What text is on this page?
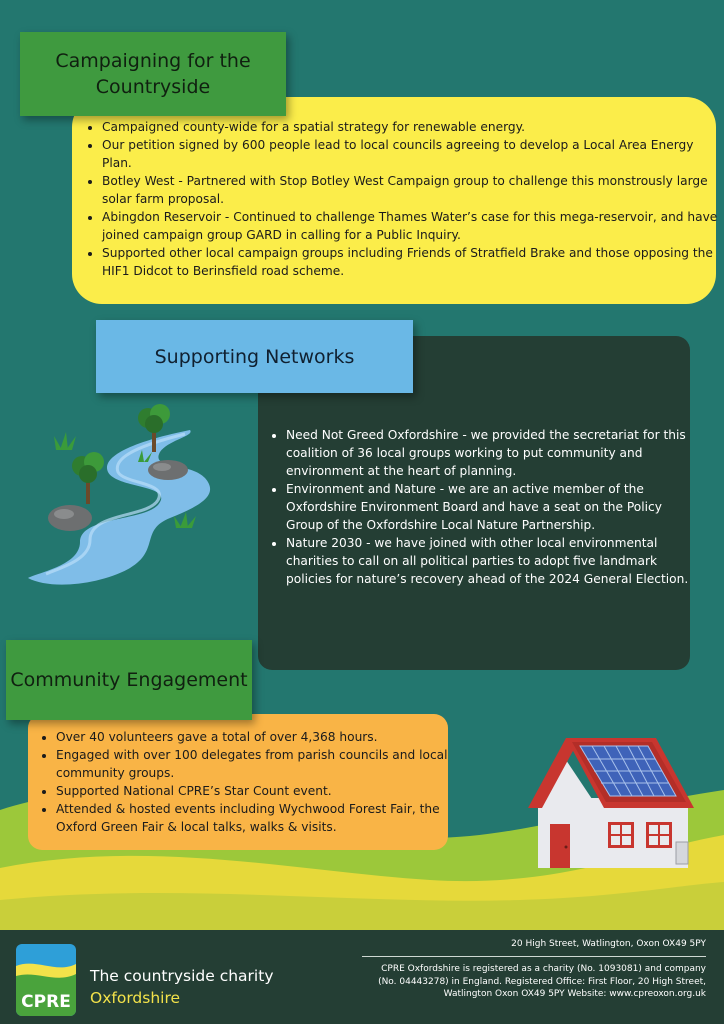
Campaigning for the Countryside
• Campaigned county-wide for a spatial strategy for renewable energy.
• Our petition signed by 600 people lead to local councils agreeing to develop a Local Area Energy Plan.
• Botley West - Partnered with Stop Botley West Campaign group to challenge this monstrously large solar farm proposal.
• Abingdon Reservoir - Continued to challenge Thames Water’s case for this mega-reservoir, and have joined campaign group GARD in calling for a Public Inquiry.
• Supported other local campaign groups including Friends of Stratfield Brake and those opposing the HIF1 Didcot to Berinsfield road scheme.
Supporting Networks
• Need Not Greed Oxfordshire - we provided the secretariat for this coalition of 36 local groups working to put community and environment at the heart of planning.
• Environment and Nature - we are an active member of the Oxfordshire Environment Board and have a seat on the Policy Group of the Oxfordshire Local Nature Partnership.
• Nature 2030 - we have joined with other local environmental charities to call on all political parties to adopt five landmark policies for nature’s recovery ahead of the 2024 General Election.
Community Engagement
• Over 40 volunteers gave a total of over 4,368 hours.
• Engaged with over 100 delegates from parish councils and local community groups.
• Supported National CPRE’s Star Count event.
• Attended & hosted events including Wychwood Forest Fair, the Oxford Green Fair & local talks, walks & visits.
CPRE
The countryside charity
Oxfordshire
20 High Street, Watlington, Oxon OX49 5PY
CPRE Oxfordshire is registered as a charity (No. 1093081) and company (No. 04443278) in England. Registered Office: First Floor, 20 High Street, Watlington Oxon OX49 5PY Website: www.cpreoxon.org.uk
